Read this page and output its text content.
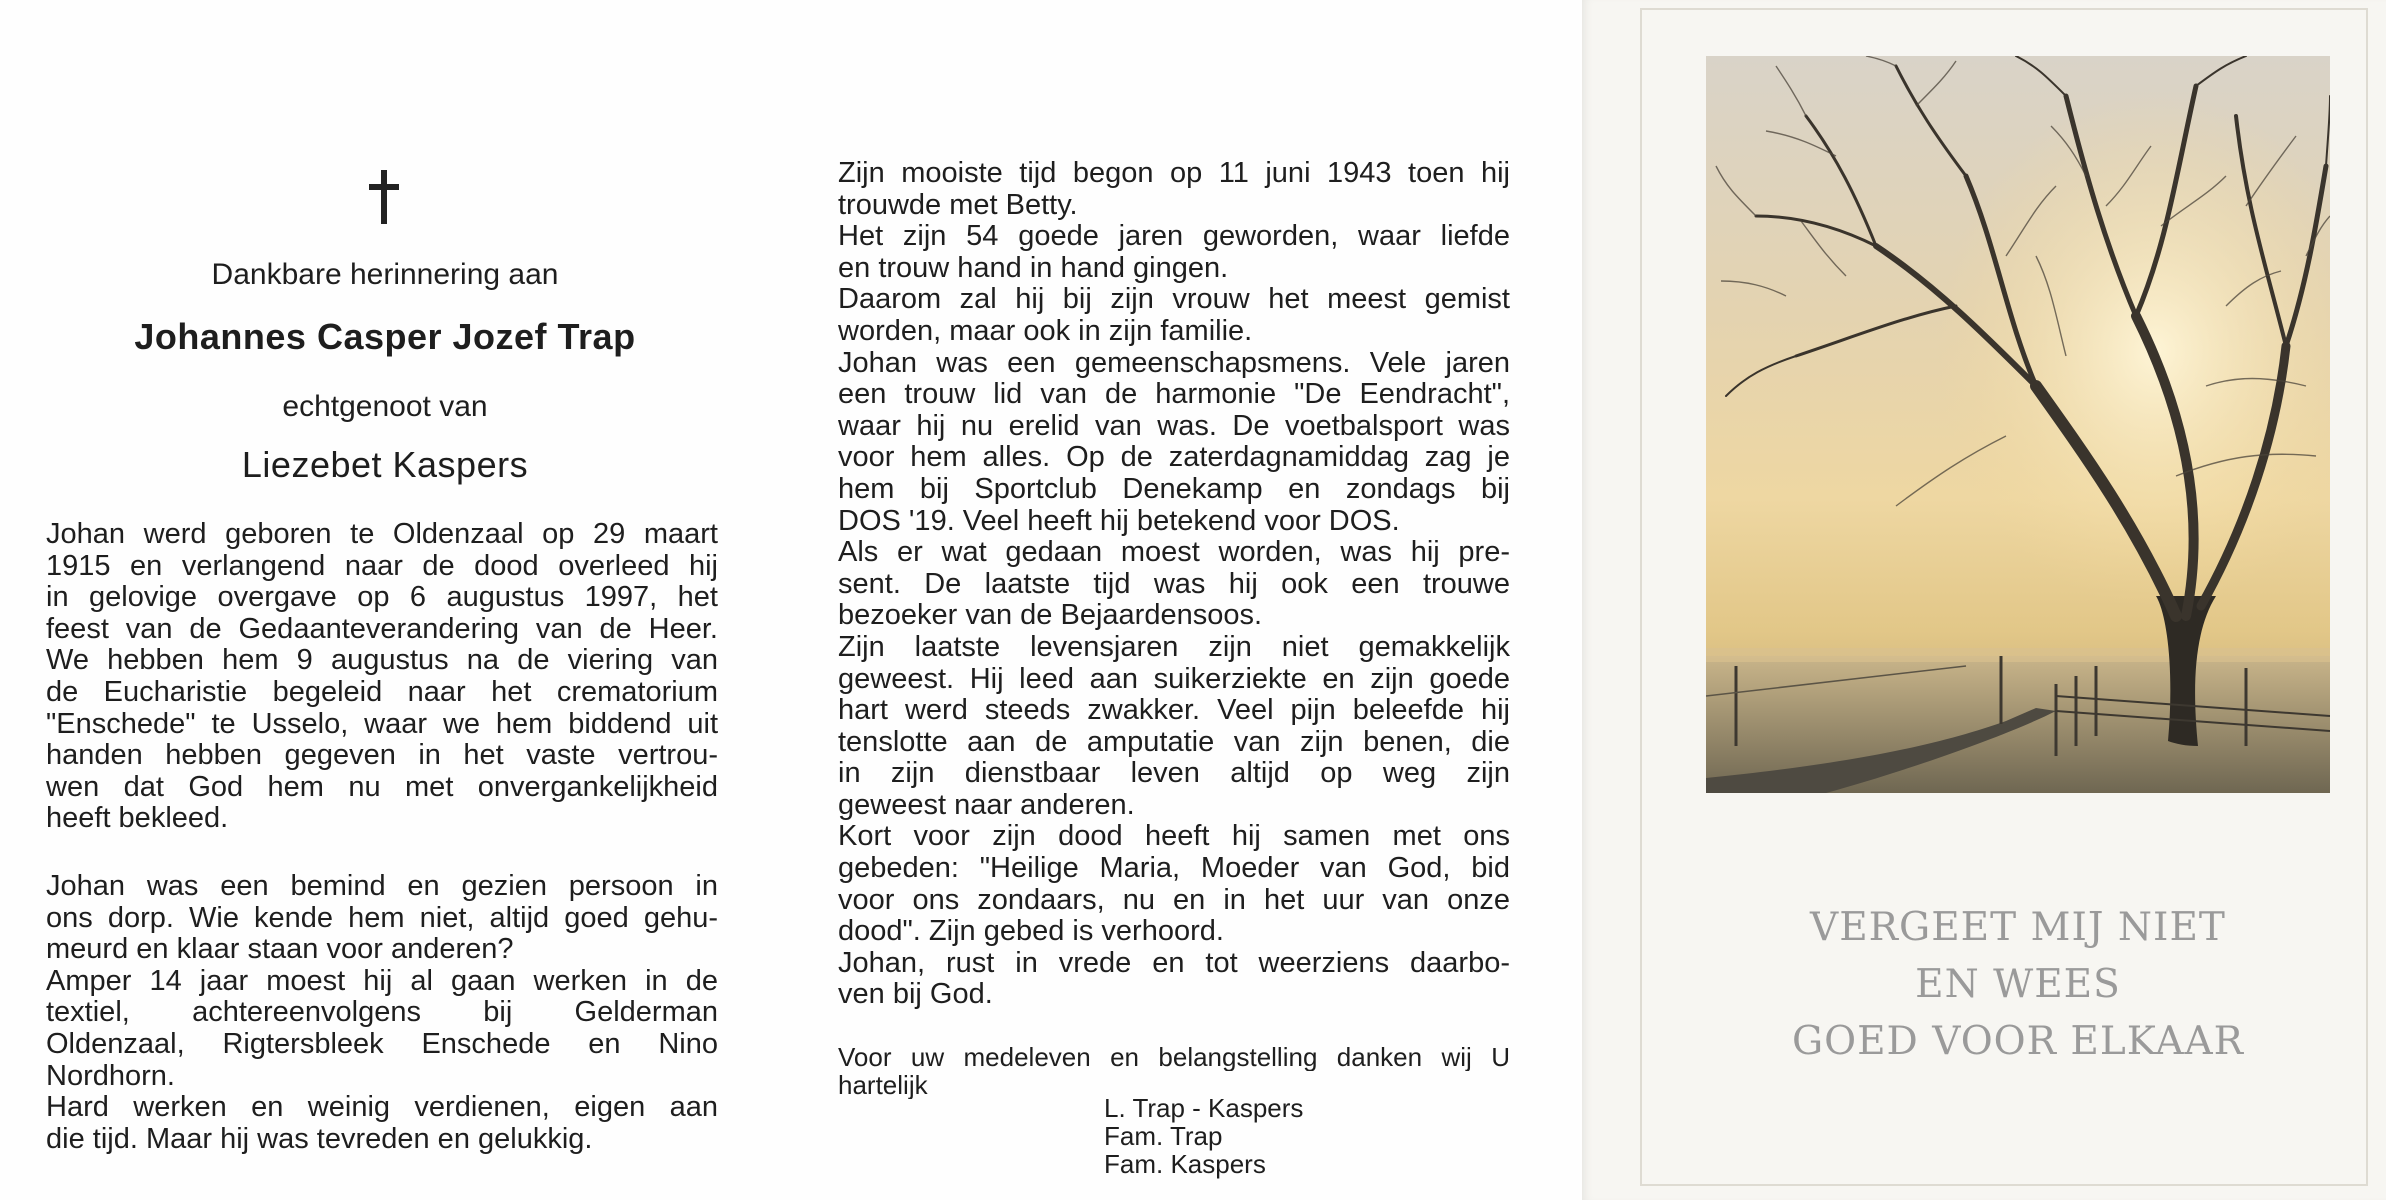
Dankbare herinnering aan
Johannes Casper Jozef Trap
echtgenoot van
Liezebet Kaspers
Johan werd geboren te Oldenzaal op 29 maart
1915 en verlangend naar de dood overleed hij
in gelovige overgave op 6 augustus 1997, het
feest van de Gedaanteverandering van de Heer.
We hebben hem 9 augustus na de viering van
de Eucharistie begeleid naar het crematorium
"Enschede" te Usselo, waar we hem biddend uit
handen hebben gegeven in het vaste vertrou-
wen dat God hem nu met onvergankelijkheid
heeft bekleed.
Johan was een bemind en gezien persoon in
ons dorp. Wie kende hem niet, altijd goed gehu-
meurd en klaar staan voor anderen?
Amper 14 jaar moest hij al gaan werken in de
textiel, achtereenvolgens bij Gelderman
Oldenzaal, Rigtersbleek Enschede en Nino
Nordhorn.
Hard werken en weinig verdienen, eigen aan
die tijd. Maar hij was tevreden en gelukkig.
Zijn mooiste tijd begon op 11 juni 1943 toen hij
trouwde met Betty.
Het zijn 54 goede jaren geworden, waar liefde
en trouw hand in hand gingen.
Daarom zal hij bij zijn vrouw het meest gemist
worden, maar ook in zijn familie.
Johan was een gemeenschapsmens. Vele jaren
een trouw lid van de harmonie "De Eendracht",
waar hij nu erelid van was. De voetbalsport was
voor hem alles. Op de zaterdagnamiddag zag je
hem bij Sportclub Denekamp en zondags bij
DOS '19. Veel heeft hij betekend voor DOS.
Als er wat gedaan moest worden, was hij pre-
sent. De laatste tijd was hij ook een trouwe
bezoeker van de Bejaardensoos.
Zijn laatste levensjaren zijn niet gemakkelijk
geweest. Hij leed aan suikerziekte en zijn goede
hart werd steeds zwakker. Veel pijn beleefde hij
tenslotte aan de amputatie van zijn benen, die
in zijn dienstbaar leven altijd op weg zijn
geweest naar anderen.
Kort voor zijn dood heeft hij samen met ons
gebeden: "Heilige Maria, Moeder van God, bid
voor ons zondaars, nu en in het uur van onze
dood". Zijn gebed is verhoord.
Johan, rust in vrede en tot weerziens daarbo-
ven bij God.
Voor uw medeleven en belangstelling danken wij U
hartelijk
L. Trap - Kaspers
Fam. Trap
Fam. Kaspers
VERGEET MIJ NIET
EN WEES
GOED VOOR ELKAAR
